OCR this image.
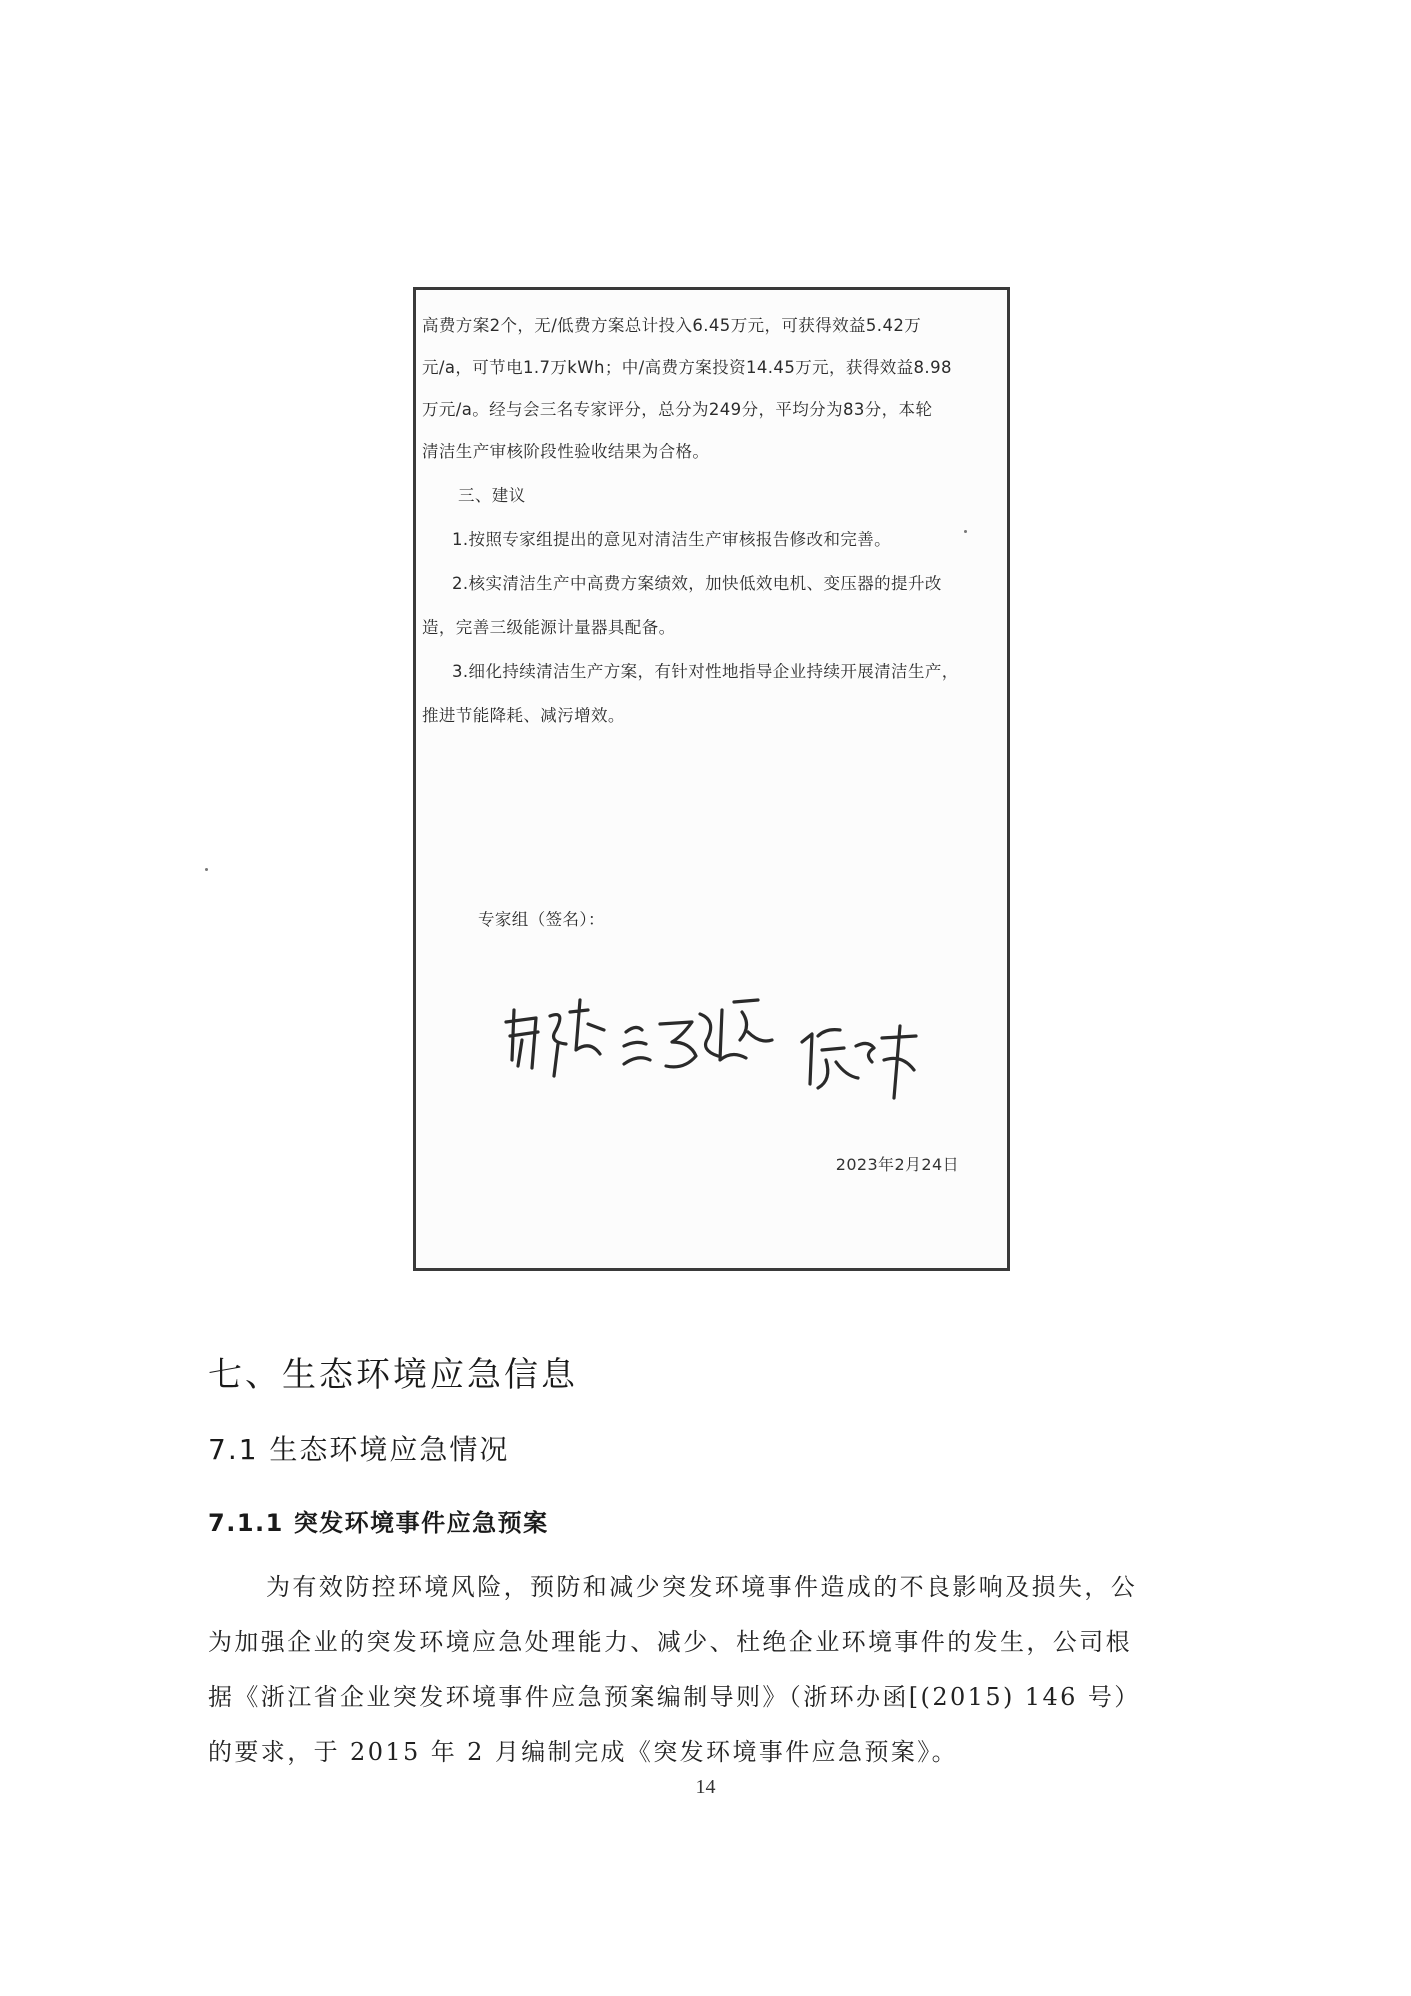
高费方案2个，无/低费方案总计投入6.45万元，可获得效益5.42万
元/a，可节电1.7万kWh；中/高费方案投资14.45万元，获得效益8.98
万元/a。经与会三名专家评分，总分为249分，平均分为83分，本轮
清洁生产审核阶段性验收结果为合格。
三、建议
1.按照专家组提出的意见对清洁生产审核报告修改和完善。
2.核实清洁生产中高费方案绩效，加快低效电机、变压器的提升改
造，完善三级能源计量器具配备。
3.细化持续清洁生产方案，有针对性地指导企业持续开展清洁生产，
推进节能降耗、减污增效。
专家组（签名）：
2023年2月24日
七、生态环境应急信息
7.1 生态环境应急情况
7.1.1 突发环境事件应急预案
为有效防控环境风险，预防和减少突发环境事件造成的不良影响及损失，公
为加强企业的突发环境应急处理能力、减少、杜绝企业环境事件的发生，公司根
据《浙江省企业突发环境事件应急预案编制导则》（浙环办函[(2015) 146 号）
的要求，于 2015 年 2 月编制完成《突发环境事件应急预案》。
14
